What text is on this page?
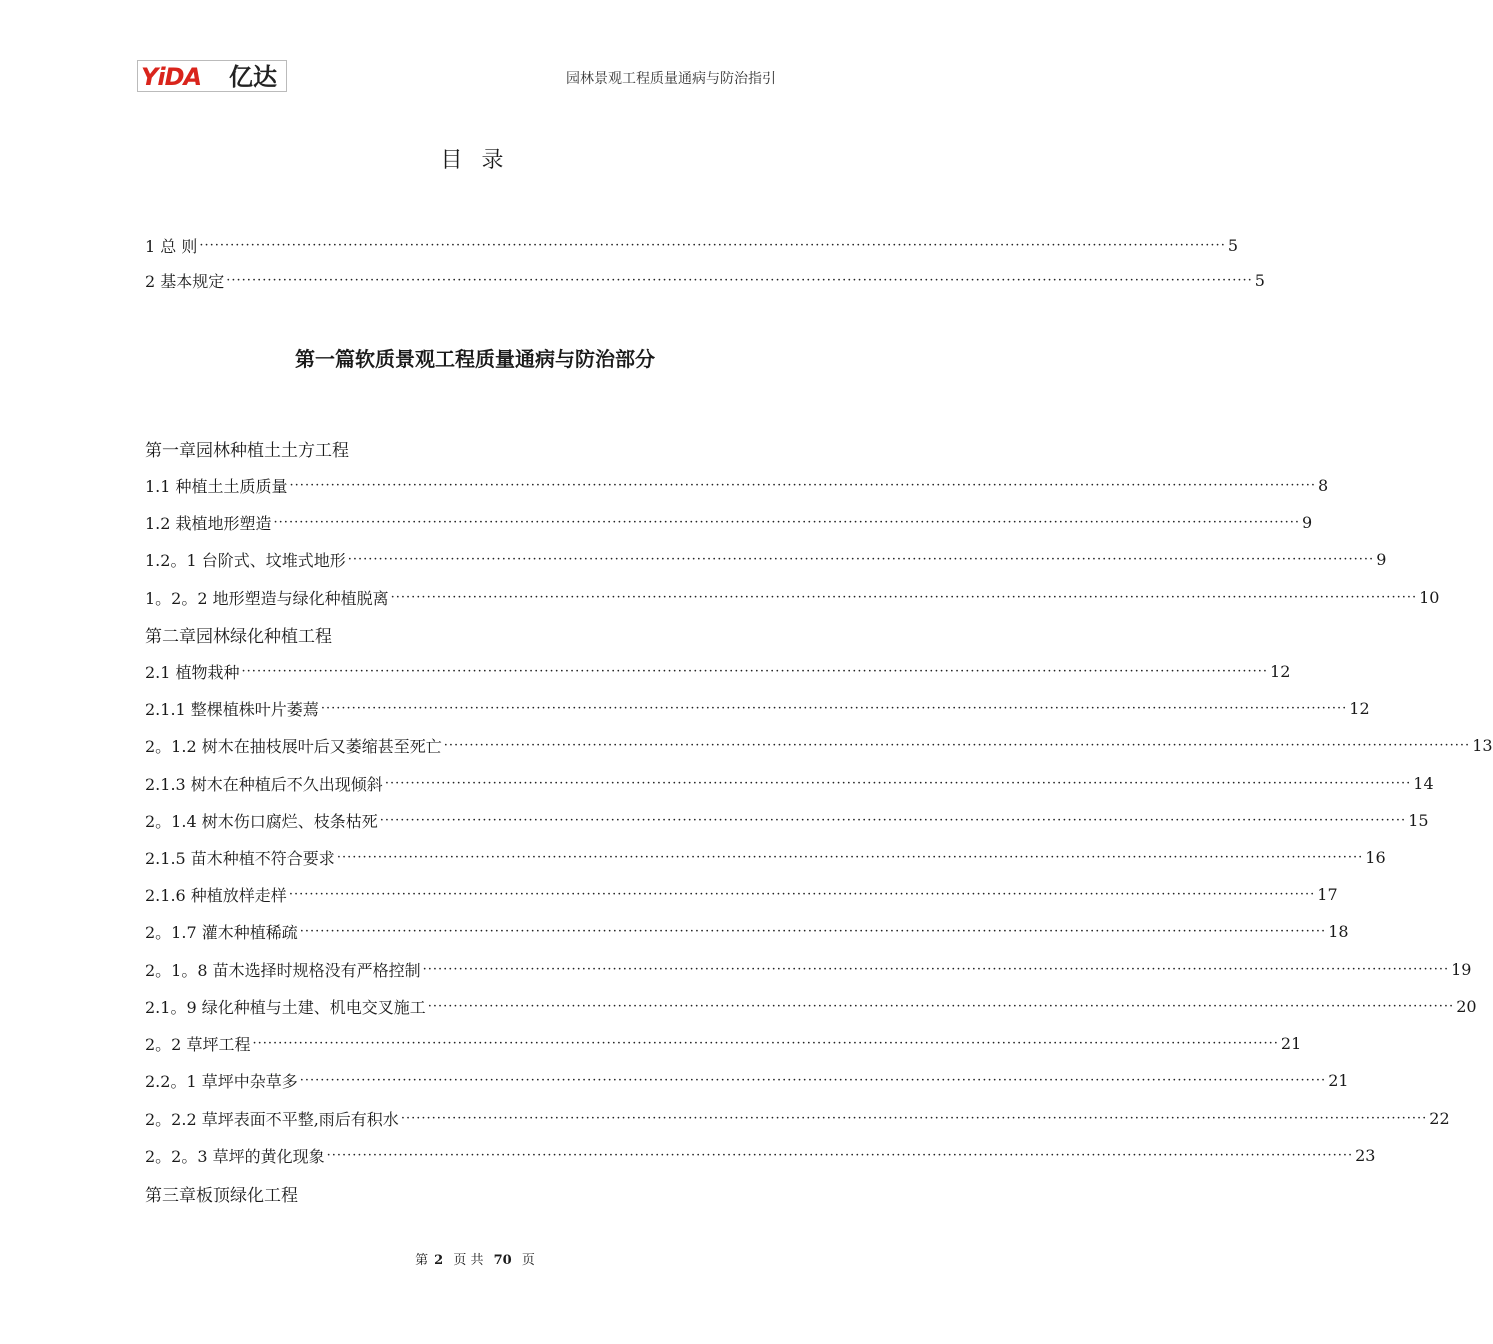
YiDA 亿达	园林景观工程质量通病与防治指引
目 录
1 总 则 ········································································································································································································ 5
2 基本规定 ········································································································································································································ 5
第一篇软质景观工程质量通病与防治部分
第一章园林种植土土方工程
1.1 种植土土质质量 ········································································································································································································ 8
1.2 栽植地形塑造 ········································································································································································································ 9
1.2。1 台阶式、坟堆式地形 ········································································································································································································ 9
1。2。2 地形塑造与绿化种植脱离 ········································································································································································································ 10
第二章园林绿化种植工程
2.1 植物栽种 ········································································································································································································ 12
2.1.1 整棵植株叶片萎蔫 ········································································································································································································ 12
2。1.2 树木在抽枝展叶后又萎缩甚至死亡 ········································································································································································································ 13
2.1.3 树木在种植后不久出现倾斜 ········································································································································································································ 14
2。1.4 树木伤口腐烂、枝条枯死 ········································································································································································································ 15
2.1.5 苗木种植不符合要求 ········································································································································································································ 16
2.1.6 种植放样走样 ········································································································································································································ 17
2。1.7 灌木种植稀疏 ········································································································································································································ 18
2。1。8 苗木选择时规格没有严格控制 ········································································································································································································ 19
2.1。9 绿化种植与土建、机电交叉施工 ········································································································································································································ 20
2。2 草坪工程 ········································································································································································································ 21
2.2。1 草坪中杂草多 ········································································································································································································ 21
2。2.2 草坪表面不平整,雨后有积水 ········································································································································································································ 22
2。2。3 草坪的黄化现象 ········································································································································································································ 23
第三章板顶绿化工程
第 2 页 共 70 页
